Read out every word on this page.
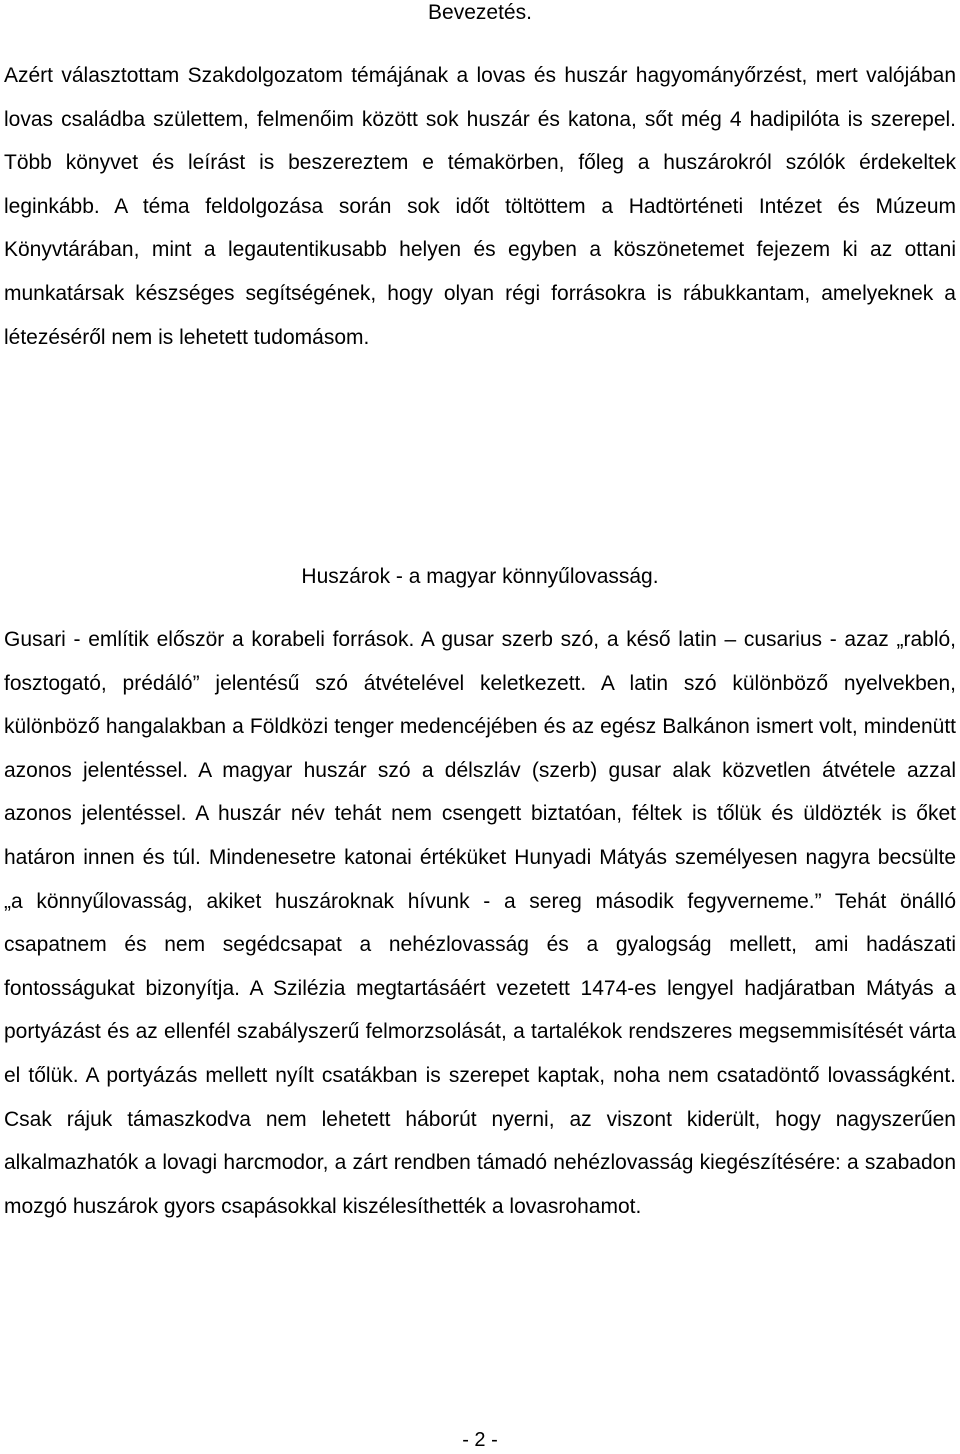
Bevezetés.

Azért választottam Szakdolgozatom témájának a lovas és huszár hagyományőrzést, mert valójában lovas családba születtem, felmenőim között sok huszár és katona, sőt még 4 hadipilóta is szerepel. Több könyvet és leírást is beszereztem e témakörben, főleg a huszárokról szólók érdekeltek leginkább. A téma feldolgozása során sok időt töltöttem a Hadtörténeti Intézet és Múzeum Könyvtárában, mint a legautentikusabb helyen és egyben a köszönetemet fejezem ki az ottani munkatársak készséges segítségének, hogy olyan régi forrásokra is rábukkantam, amelyeknek a létezéséről nem is lehetett tudomásom.

Huszárok - a magyar könnyűlovasság.

Gusari - említik először a korabeli források. A gusar szerb szó, a késő latin – cusarius - azaz „rabló, fosztogató, prédáló” jelentésű szó átvételével keletkezett. A latin szó különböző nyelvekben, különböző hangalakban a Földközi tenger medencéjében és az egész Balkánon ismert volt, mindenütt azonos jelentéssel. A magyar huszár szó a délszláv (szerb) gusar alak közvetlen átvétele azzal azonos jelentéssel. A huszár név tehát nem csengett biztatóan, féltek is tőlük és üldözték is őket határon innen és túl. Mindenesetre katonai értéküket Hunyadi Mátyás személyesen nagyra becsülte „a könnyűlovasság, akiket huszároknak hívunk - a sereg második fegyverneme.” Tehát önálló csapatnem és nem segédcsapat a nehézlovasság és a gyalogság mellett, ami hadászati fontosságukat bizonyítja. A Szilézia megtartásáért vezetett 1474-es lengyel hadjáratban Mátyás a portyázást és az ellenfél szabályszerű felmorzsolását, a tartalékok rendszeres megsemmisítését várta el tőlük. A portyázás mellett nyílt csatákban is szerepet kaptak, noha nem csatadöntő lovasságként. Csak rájuk támaszkodva nem lehetett háborút nyerni, az viszont kiderült, hogy nagyszerűen alkalmazhatók a lovagi harcmodor, a zárt rendben támadó nehézlovasság kiegészítésére: a szabadon mozgó huszárok gyors csapásokkal kiszélesíthették a lovasrohamot.

- 2 -
